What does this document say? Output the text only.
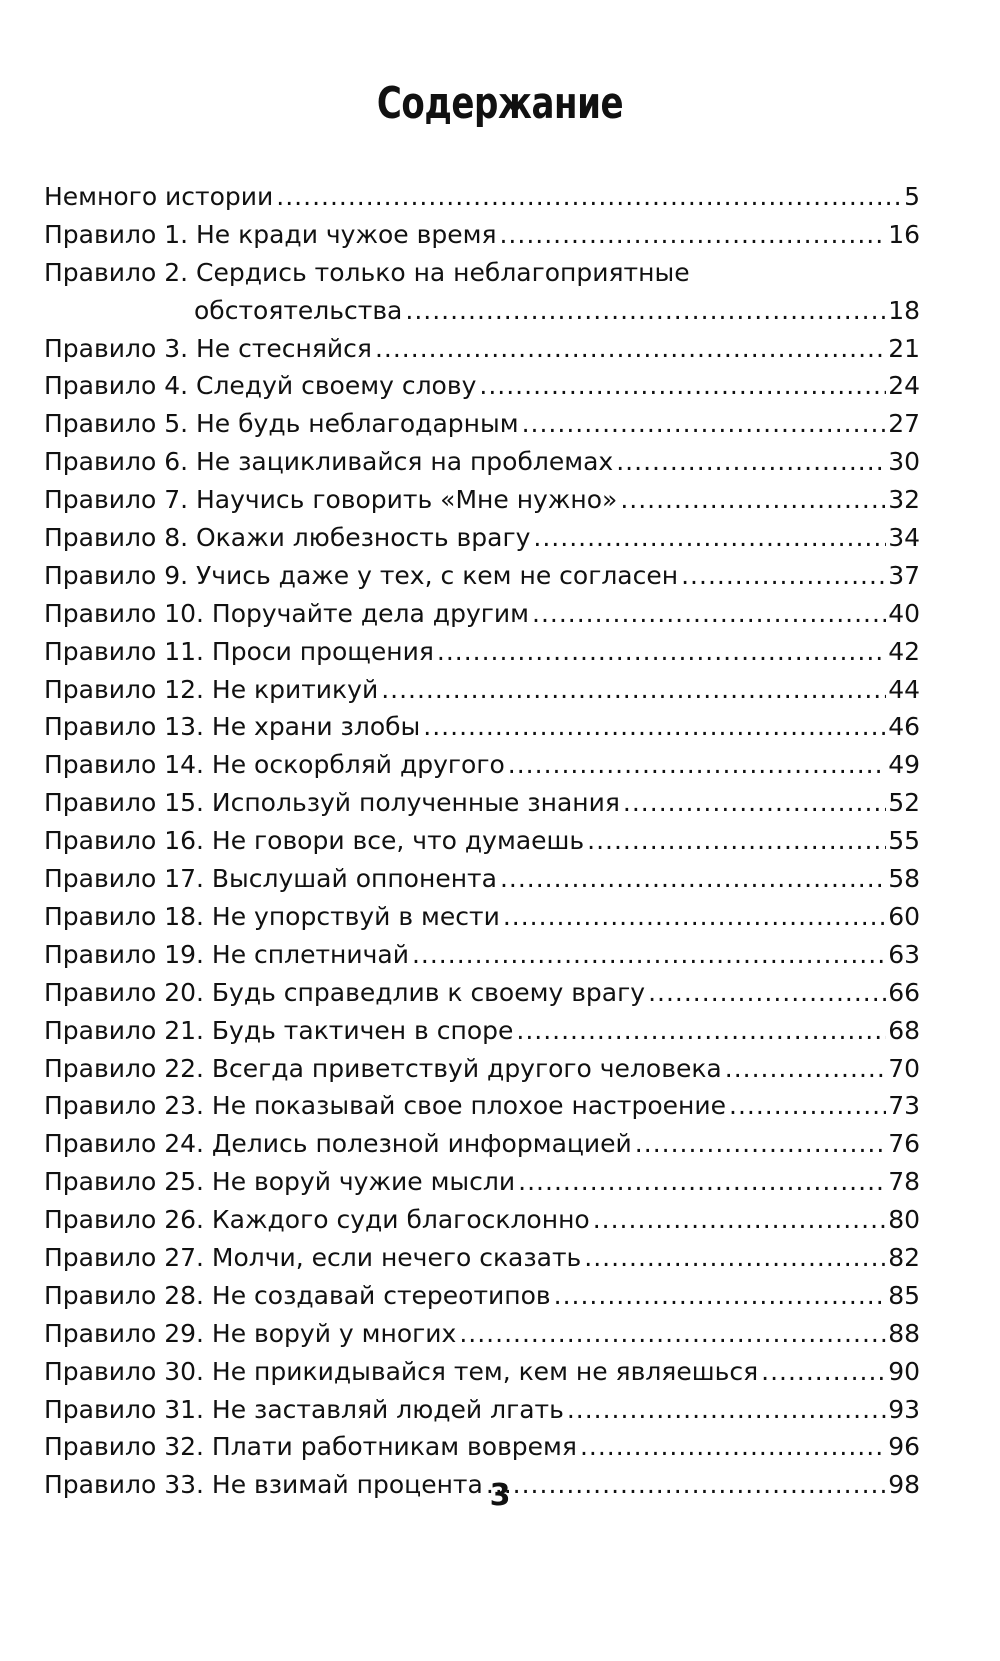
Содержание
Немного истории .....	5
Правило 1. Не кради чужое время .....	16
Правило 2. Сердись только на неблагоприятные
обстоятельства .....	18
Правило 3. Не стесняйся .....	21
Правило 4. Следуй своему слову .....	24
Правило 5. Не будь неблагодарным .....	27
Правило 6. Не зацикливайся на проблемах .....	30
Правило 7. Научись говорить «Мне нужно» .....	32
Правило 8. Окажи любезность врагу .....	34
Правило 9. Учись даже у тех, с кем не согласен .....	37
Правило 10. Поручайте дела другим .....	40
Правило 11. Проси прощения .....	42
Правило 12. Не критикуй .....	44
Правило 13. Не храни злобы .....	46
Правило 14. Не оскорбляй другого .....	49
Правило 15. Используй полученные знания .....	52
Правило 16. Не говори все, что думаешь .....	55
Правило 17. Выслушай оппонента .....	58
Правило 18. Не упорствуй в мести .....	60
Правило 19. Не сплетничай .....	63
Правило 20. Будь справедлив к своему врагу .....	66
Правило 21. Будь тактичен в споре .....	68
Правило 22. Всегда приветствуй другого человека .....	70
Правило 23. Не показывай свое плохое настроение .....	73
Правило 24. Делись полезной информацией .....	76
Правило 25. Не воруй чужие мысли .....	78
Правило 26. Каждого суди благосклонно .....	80
Правило 27. Молчи, если нечего сказать .....	82
Правило 28. Не создавай стереотипов .....	85
Правило 29. Не воруй у многих .....	88
Правило 30. Не прикидывайся тем, кем не являешься .....	90
Правило 31. Не заставляй людей лгать .....	93
Правило 32. Плати работникам вовремя .....	96
Правило 33. Не взимай процента .....	98
3
